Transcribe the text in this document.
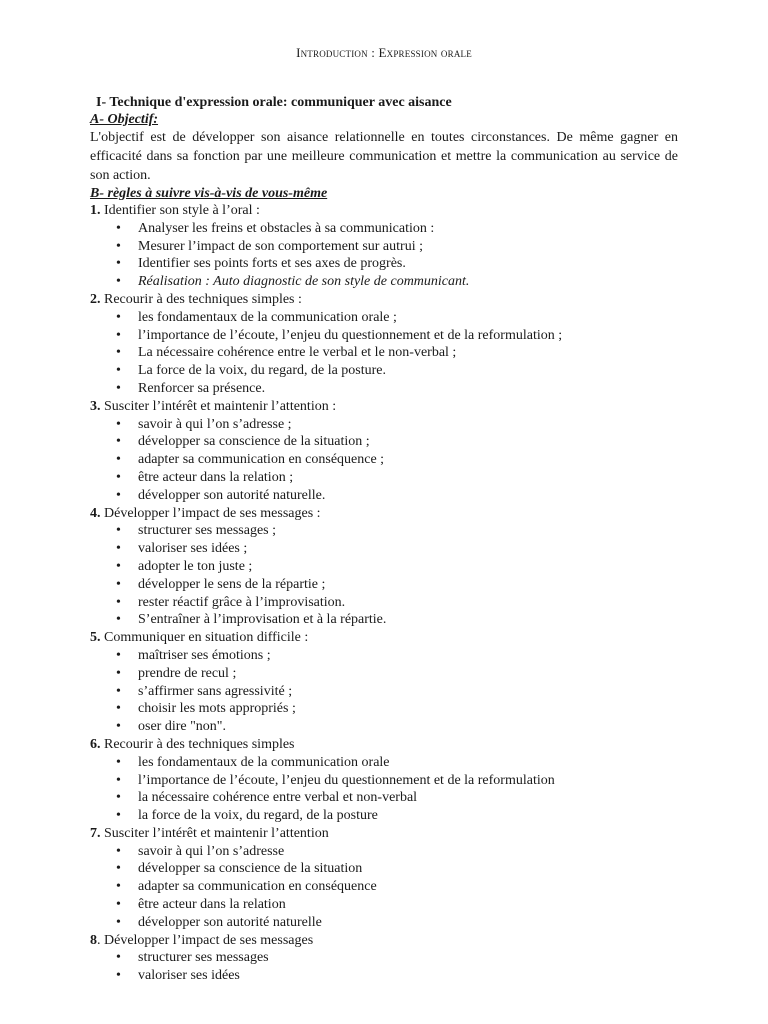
Introduction : Expression orale
I- Technique d'expression orale: communiquer avec aisance
A- Objectif:
L'objectif est de développer son aisance relationnelle en toutes circonstances. De même gagner en efficacité dans sa fonction par une meilleure communication et mettre la communication au service de son action.
B- règles à suivre vis-à-vis de vous-même
1. Identifier son style à l’oral :
• Analyser les freins et obstacles à sa communication :
• Mesurer l’impact de son comportement sur autrui ;
• Identifier ses points forts et ses axes de progrès.
• Réalisation : Auto diagnostic de son style de communicant.
2. Recourir à des techniques simples :
• les fondamentaux de la communication orale ;
• l’importance de l’écoute, l’enjeu du questionnement et de la reformulation ;
• La nécessaire cohérence entre le verbal et le non-verbal ;
• La force de la voix, du regard, de la posture.
• Renforcer sa présence.
3. Susciter l’intérêt et maintenir l’attention :
• savoir à qui l’on s’adresse ;
• développer sa conscience de la situation ;
• adapter sa communication en conséquence ;
• être acteur dans la relation ;
• développer son autorité naturelle.
4. Développer l’impact de ses messages :
• structurer ses messages ;
• valoriser ses idées ;
• adopter le ton juste ;
• développer le sens de la répartie ;
• rester réactif grâce à l’improvisation.
• S’entraîner à l’improvisation et à la répartie.
5. Communiquer en situation difficile :
• maîtriser ses émotions ;
• prendre de recul ;
• s’affirmer sans agressivité ;
• choisir les mots appropriés ;
• oser dire "non".
6. Recourir à des techniques simples
• les fondamentaux de la communication orale
• l’importance de l’écoute, l’enjeu du questionnement et de la reformulation
• la nécessaire cohérence entre verbal et non-verbal
• la force de la voix, du regard, de la posture
7. Susciter l’intérêt et maintenir l’attention
• savoir à qui l’on s’adresse
• développer sa conscience de la situation
• adapter sa communication en conséquence
• être acteur dans la relation
• développer son autorité naturelle
8. Développer l’impact de ses messages
• structurer ses messages
• valoriser ses idées
